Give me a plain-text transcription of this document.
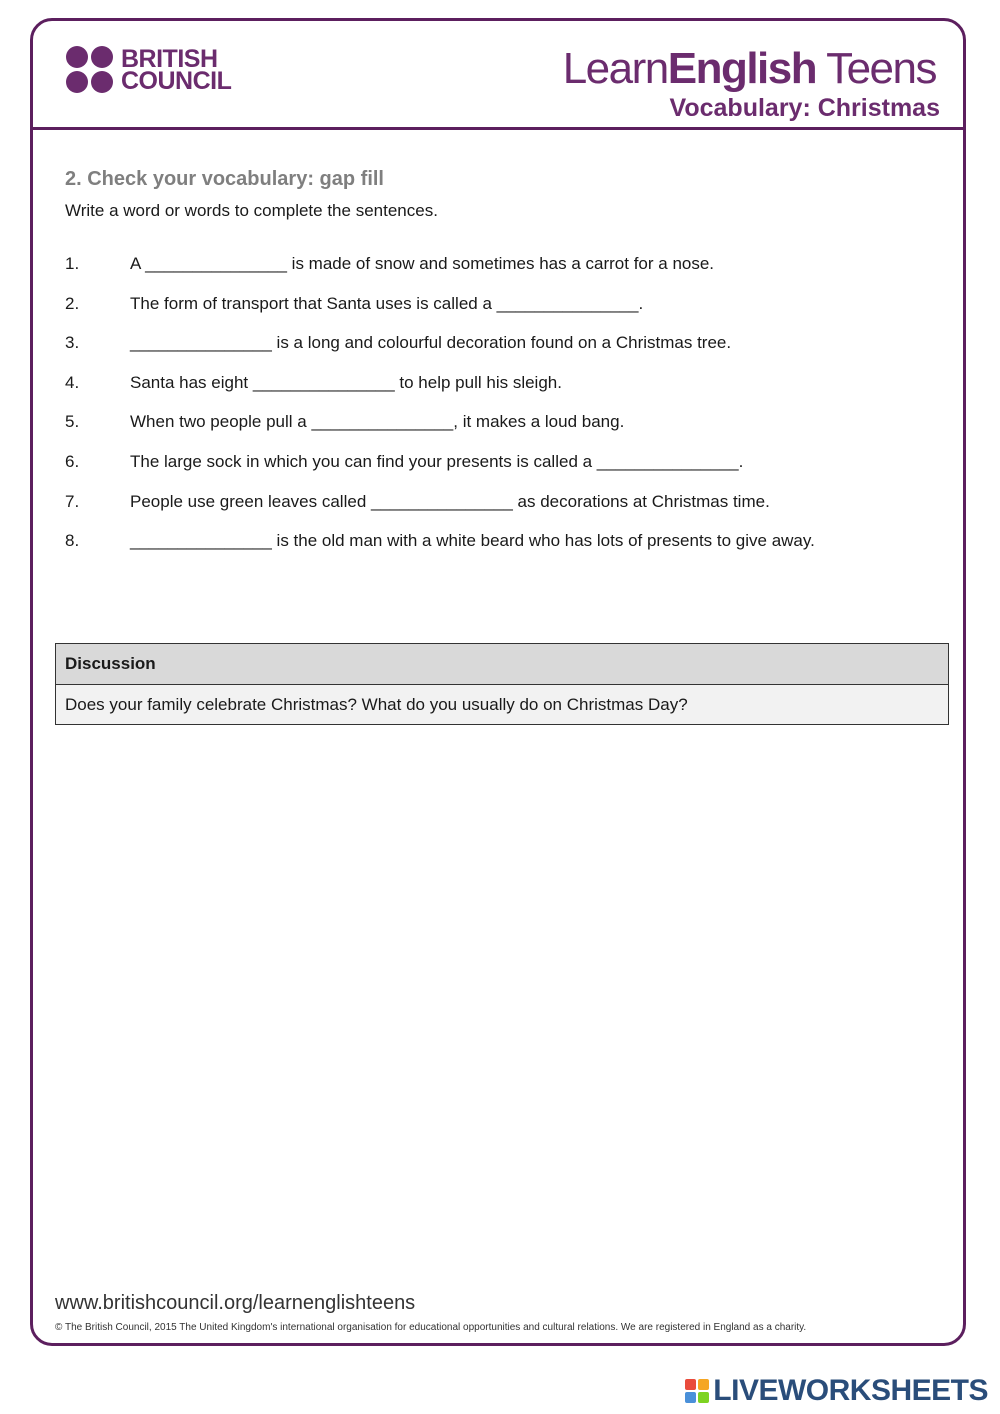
BRITISH
COUNCIL	LearnEnglish Teens
Vocabulary: Christmas
2. Check your vocabulary: gap fill
Write a word or words to complete the sentences.
1.	A _______________ is made of snow and sometimes has a carrot for a nose.
2.	The form of transport that Santa uses is called a _______________.
3.	_______________ is a long and colourful decoration found on a Christmas tree.
4.	Santa has eight _______________ to help pull his sleigh.
5.	When two people pull a _______________, it makes a loud bang.
6.	The large sock in which you can find your presents is called a _______________.
7.	People use green leaves called _______________ as decorations at Christmas time.
8.	_______________ is the old man with a white beard who has lots of presents to give away.
Discussion
Does your family celebrate Christmas? What do you usually do on Christmas Day?
www.britishcouncil.org/learnenglishteens
© The British Council, 2015 The United Kingdom's international organisation for educational opportunities and cultural relations. We are registered in England as a charity.
LIVEWORKSHEETS
